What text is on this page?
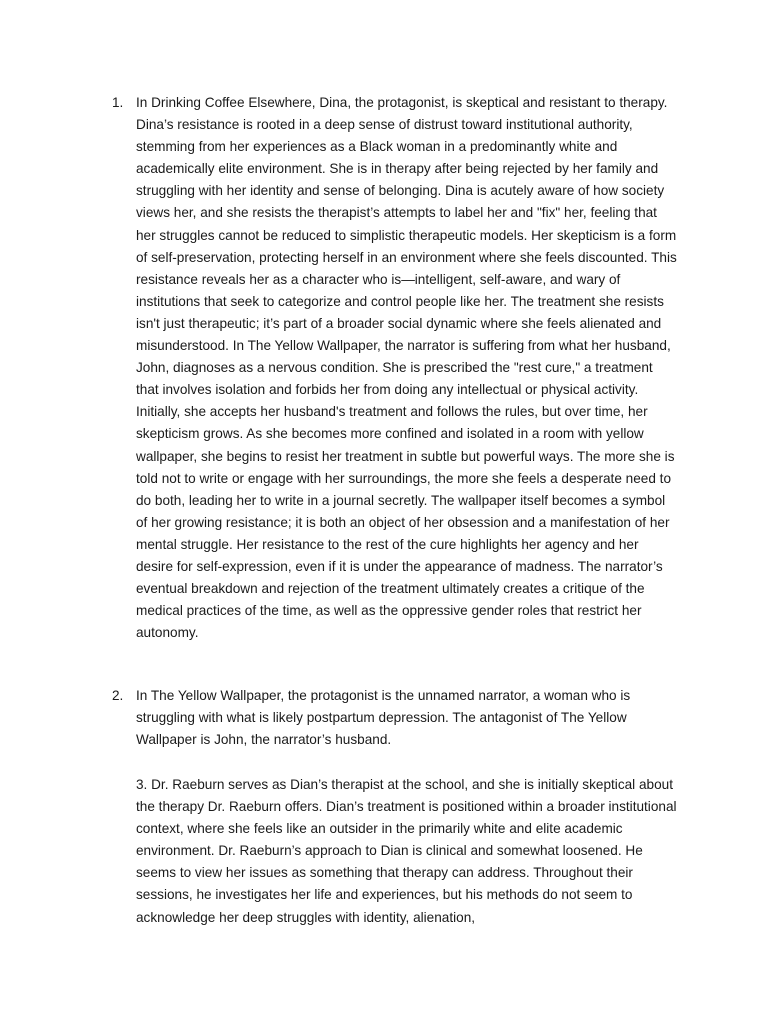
1. In Drinking Coffee Elsewhere, Dina, the protagonist, is skeptical and resistant to therapy. Dina’s resistance is rooted in a deep sense of distrust toward institutional authority, stemming from her experiences as a Black woman in a predominantly white and academically elite environment. She is in therapy after being rejected by her family and struggling with her identity and sense of belonging. Dina is acutely aware of how society views her, and she resists the therapist’s attempts to label her and "fix" her, feeling that her struggles cannot be reduced to simplistic therapeutic models. Her skepticism is a form of self-preservation, protecting herself in an environment where she feels discounted. This resistance reveals her as a character who is—intelligent, self-aware, and wary of institutions that seek to categorize and control people like her. The treatment she resists isn't just therapeutic; it’s part of a broader social dynamic where she feels alienated and misunderstood. In The Yellow Wallpaper, the narrator is suffering from what her husband, John, diagnoses as a nervous condition. She is prescribed the "rest cure," a treatment that involves isolation and forbids her from doing any intellectual or physical activity. Initially, she accepts her husband's treatment and follows the rules, but over time, her skepticism grows. As she becomes more confined and isolated in a room with yellow wallpaper, she begins to resist her treatment in subtle but powerful ways. The more she is told not to write or engage with her surroundings, the more she feels a desperate need to do both, leading her to write in a journal secretly. The wallpaper itself becomes a symbol of her growing resistance; it is both an object of her obsession and a manifestation of her mental struggle. Her resistance to the rest of the cure highlights her agency and her desire for self-expression, even if it is under the appearance of madness. The narrator’s eventual breakdown and rejection of the treatment ultimately creates a critique of the medical practices of the time, as well as the oppressive gender roles that restrict her autonomy.

2. In The Yellow Wallpaper, the protagonist is the unnamed narrator, a woman who is struggling with what is likely postpartum depression. The antagonist of The Yellow Wallpaper is John, the narrator’s husband.

3. Dr. Raeburn serves as Dian’s therapist at the school, and she is initially skeptical about the therapy Dr. Raeburn offers. Dian’s treatment is positioned within a broader institutional context, where she feels like an outsider in the primarily white and elite academic environment. Dr. Raeburn’s approach to Dian is clinical and somewhat loosened. He seems to view her issues as something that therapy can address. Throughout their sessions, he investigates her life and experiences, but his methods do not seem to acknowledge her deep struggles with identity, alienation,
